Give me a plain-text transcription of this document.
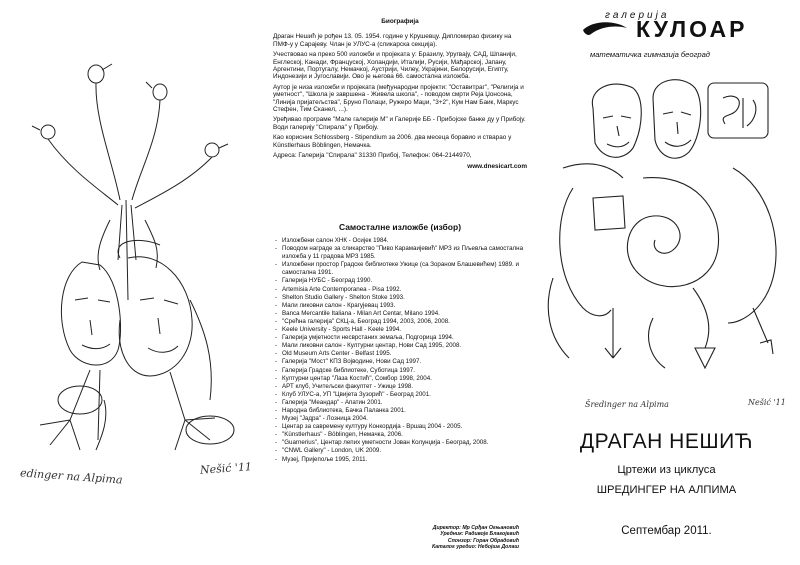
edinger na Alpima	Nešić '11

Биографија

Драган Нешић је рођен 13. 05. 1954. године у Крушевцу. Дипломирао физику на ПМФ-у у Сарајеву. Члан је УЛУС-а (сликарска секција).

Учествовао на преко 500 изложби и пројеката у: Бразилу, Уругвају, САД, Шпанији, Енглеској, Канади, Француској, Холандији, Италији, Русији, Мађарској, Јапану, Аргентини, Португалу, Немачкој, Аустрији, Чилеу, Украјини, Белорусији, Египту, Индонезији и Југославији. Ово је његова 66. самостална изложба.

Аутор је низа изложби и пројеката (међународни пројекти: "Оставитраг", "Религија и уметност", "Школа је завршена - Живела школа", - поводом смрти Реја Џонсона, "Линија пријатељства", Бруно Полаци, Ружеро Маџи, "3+2", Кум Нам Баик, Маркус Стефен, Тим Сканел, ...).

Уређивао програме "Мале галерије М" и Галерије ББ - Прибојске банке ду у Прибоју. Води галерију "Спирала" у Прибоју.

Као корисник Schlossberg - Stipendium за 2006. два месеца боравио и стварао у Künstlerhaus Böblingen, Немачка.

Адреса: Галерија "Спирала" 31330 Прибој, Телефон: 064-2144970,

www.dnesicart.com

Самосталне изложбе (избор)

- Изложбени салон ХНК - Осијек 1984.
- Поводом награде за сликарство "Пиво Карамаијевић" МРЗ из Пљевља самостална изложба у 11 градова МРЗ 1985.
- Изложбени простор Градске библиотеке Ужице (са Зораном Блашевићем) 1989. и самостална 1991.
- Галерија НУБС - Београд 1990.
- Artemisia Arte Contemporanea - Pisa 1992.
- Shelton Studio Gallery - Shelton Stoke 1993.
- Мали ликовни салон - Крагујевац 1993.
- Banca Mercantile Italiana - Milan Art Centar, Milano 1994.
- "Срећна галерија" СКЦ-а, Београд 1994, 2003, 2006, 2008.
- Keele University - Sports Hall - Keele 1994.
- Галерија умјетности несврстаних земаља, Подгорица 1994.
- Мали ликовни салон - Културни центар, Нови Сад 1995, 2008.
- Old Museum Arts Center - Belfast 1995.
- Галерија "Мост" КПЗ Војводине, Нови Сад 1997.
- Галерија Градске библиотеке, Суботица 1997.
- Културни центар "Лаза Костић", Сомбор 1998, 2004.
- АРТ клуб, Учитељски факултет - Ужице 1998.
- Клуб УЛУС-а, УП "Цвијета Зузорић" - Београд 2001.
- Галерија "Меандар" - Апатин 2001.
- Народна библиотека, Бачка Паланка 2001.
- Музеј "Јадра" - Лозница 2004.
- Центар за савремену културу Конкордија - Вршац 2004 - 2005.
- "Künstlerhaus" - Böblingen, Немачка, 2006.
- "Guarnerius", Центар лепих уметности Јован Колунџија - Београд, 2008.
- "CNWL Gallery" - London, UK 2009.
- Музеј, Пријепоље 1995, 2011.
Директор: Мр Срђан Огњановић
Уредник: Радивоје Благојевић
Спонзор: Горан Обрадовић
Каталог уредио: Небојша Долаш
Šredinger na Alpima	Nešić '11
галерија
КУЛОАР
математичка гимназија београд
ДРАГАН НЕШИЋ
Цртежи из циклуса
ШРЕДИНГЕР НА АЛПИМА
Септембар 2011.
